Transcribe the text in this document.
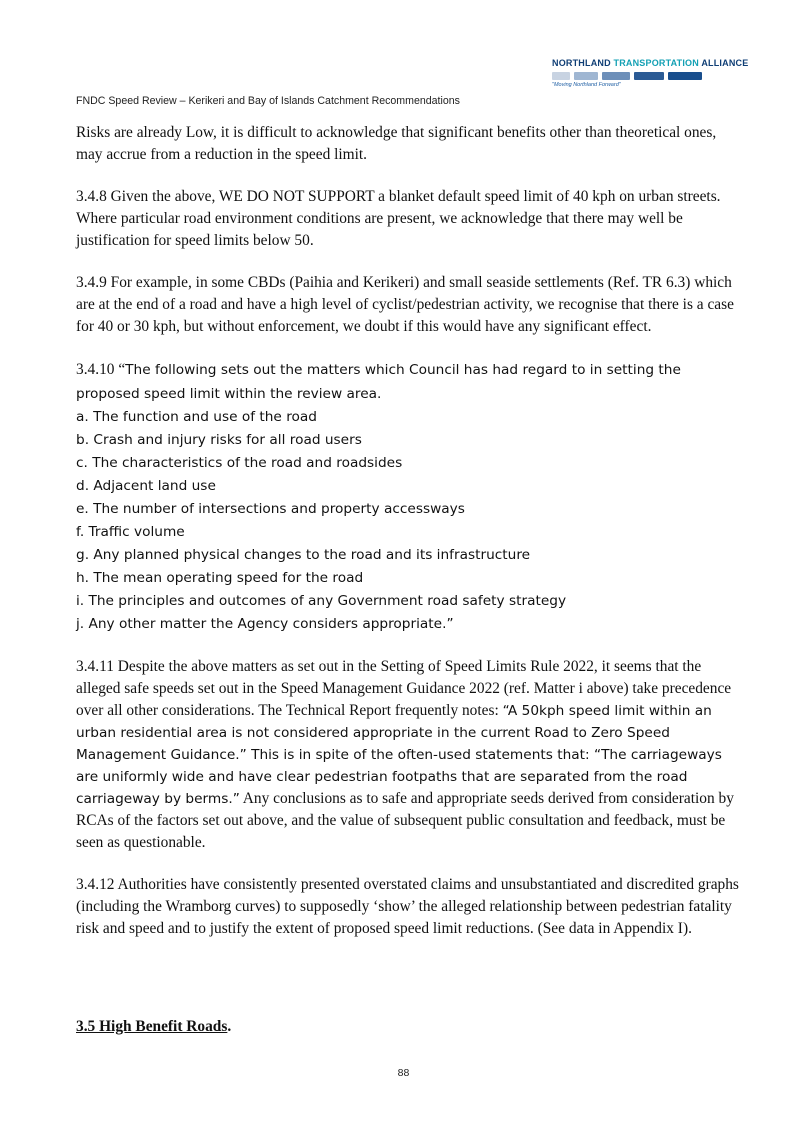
NORTHLAND TRANSPORTATION ALLIANCE
"Moving Northland Forward"
FNDC Speed Review – Kerikeri and Bay of Islands Catchment Recommendations

Risks are already Low, it is difficult to acknowledge that significant benefits other than theoretical ones, may accrue from a reduction in the speed limit.

3.4.8 Given the above, WE DO NOT SUPPORT a blanket default speed limit of 40 kph on urban streets. Where particular road environment conditions are present, we acknowledge that there may well be justification for speed limits below 50.

3.4.9 For example, in some CBDs (Paihia and Kerikeri) and small seaside settlements (Ref. TR 6.3) which are at the end of a road and have a high level of cyclist/pedestrian activity, we recognise that there is a case for 40 or 30 kph, but without enforcement, we doubt if this would have any significant effect.

3.4.10 “The following sets out the matters which Council has had regard to in setting the proposed speed limit within the review area.

a. The function and use of the road
b. Crash and injury risks for all road users
c. The characteristics of the road and roadsides
d. Adjacent land use
e. The number of intersections and property accessways
f. Traffic volume
g. Any planned physical changes to the road and its infrastructure
h. The mean operating speed for the road
i. The principles and outcomes of any Government road safety strategy
j. Any other matter the Agency considers appropriate.”

3.4.11 Despite the above matters as set out in the Setting of Speed Limits Rule 2022, it seems that the alleged safe speeds set out in the Speed Management Guidance 2022 (ref. Matter i above) take precedence over all other considerations. The Technical Report frequently notes: “A 50kph speed limit within an urban residential area is not considered appropriate in the current Road to Zero Speed Management Guidance.” This is in spite of the often-used statements that: “The carriageways are uniformly wide and have clear pedestrian footpaths that are separated from the road carriageway by berms.” Any conclusions as to safe and appropriate seeds derived from consideration by RCAs of the factors set out above, and the value of subsequent public consultation and feedback, must be seen as questionable.

3.4.12 Authorities have consistently presented overstated claims and unsubstantiated and discredited graphs (including the Wramborg curves) to supposedly ‘show’ the alleged relationship between pedestrian fatality risk and speed and to justify the extent of proposed speed limit reductions. (See data in Appendix I).

3.5 High Benefit Roads.
88
